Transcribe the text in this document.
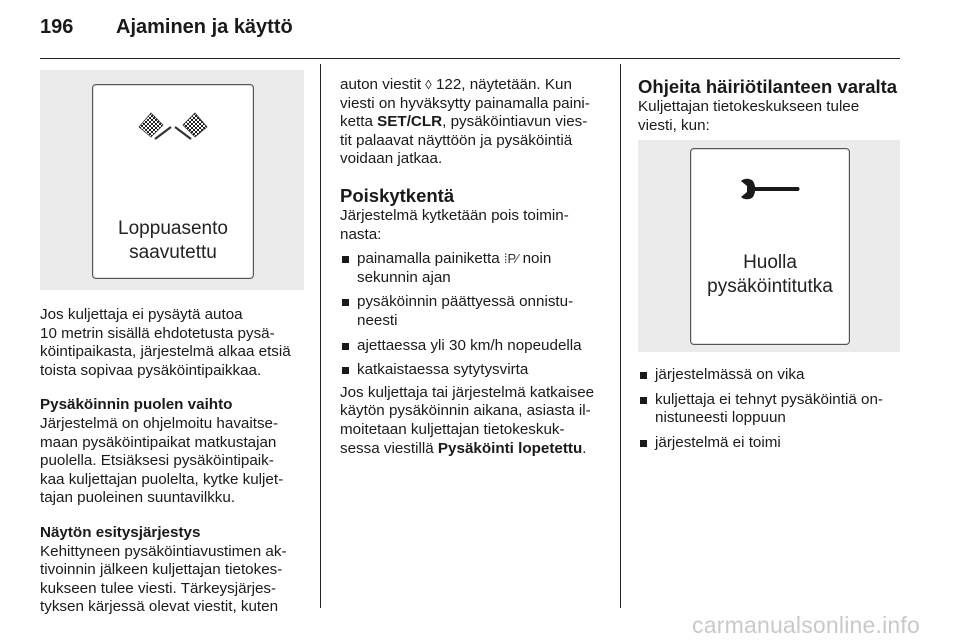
196 Ajaminen ja käyttö
Loppuasento
saavutettu

Jos kuljettaja ei pysäytä autoa
10 metrin sisällä ehdotetusta pysä-
köintipaikasta, järjestelmä alkaa etsiä
toista sopivaa pysäköintipaikkaa.

Pysäköinnin puolen vaihto

Järjestelmä on ohjelmoitu havaitse-
maan pysäköintipaikat matkustajan
puolella. Etsiäksesi pysäköintipaik-
kaa kuljettajan puolelta, kytke kuljet-
tajan puoleinen suuntavilkku.

Näytön esitysjärjestys

Kehittyneen pysäköintiavustimen ak-
tivoinnin jälkeen kuljettajan tietokes-
kukseen tulee viesti. Tärkeysjärjes-
tyksen kärjessä olevat viestit, kuten

auton viestit ◊ 122, näytetään. Kun
viesti on hyväksytty painamalla paini-
ketta SET/CLR, pysäköintiavun vies-
tit palaavat näyttöön ja pysäköintiä
voidaan jatkaa.

Poiskytkentä

Järjestelmä kytketään pois toimin-
nasta:

painamalla painiketta ⁞P⁄ noin
sekunnin ajan
pysäköinnin päättyessä onnistu-
neesti
ajettaessa yli 30 km/h nopeudella
katkaistaessa sytytysvirta

Jos kuljettaja tai järjestelmä katkaisee
käytön pysäköinnin aikana, asiasta il-
moitetaan kuljettajan tietokeskuk-
sessa viestillä Pysäköinti lopetettu.

Ohjeita häiriötilanteen varalta

Kuljettajan tietokeskukseen tulee
viesti, kun:

Huolla
pysäköintitutka
järjestelmässä on vika
kuljettaja ei tehnyt pysäköintiä on-
nistuneesti loppuun
järjestelmä ei toimi
carmanualsonline.info
